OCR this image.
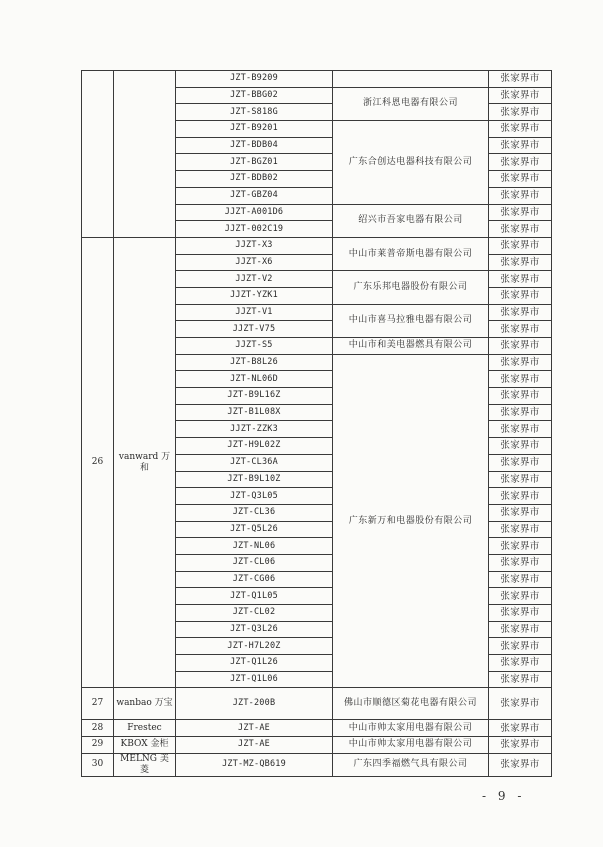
		JZT-B9209		张家界市
		JZT-BBG02	浙江科恩电器有限公司	张家界市
		JZT-S818G		张家界市
		JZT-B9201	广东合创达电器科技有限公司	张家界市
		JZT-BDB04		张家界市
		JZT-BGZ01		张家界市
		JZT-BDB02		张家界市
		JZT-GBZ04		张家界市
		JJZT-A001D6	绍兴市吾家电器有限公司	张家界市
		JJZT-002C19		张家界市
26	vanward 万和	JJZT-X3	中山市莱普帝斯电器有限公司	张家界市
		JJZT-X6		张家界市
		JJZT-V2	广东乐邦电器股份有限公司	张家界市
		JJZT-YZK1		张家界市
		JJZT-V1	中山市喜马拉雅电器有限公司	张家界市
		JJZT-V75		张家界市
		JJZT-S5	中山市和美电器燃具有限公司	张家界市
		JZT-B8L26	广东新万和电器股份有限公司	张家界市
		JZT-NL06D		张家界市
		JZT-B9L16Z		张家界市
		JZT-B1L08X		张家界市
		JJZT-ZZK3		张家界市
		JZT-H9L02Z		张家界市
		JZT-CL36A		张家界市
		JZT-B9L10Z		张家界市
		JZT-Q3L05		张家界市
		JZT-CL36		张家界市
		JZT-Q5L26		张家界市
		JZT-NL06		张家界市
		JZT-CL06		张家界市
		JZT-CG06		张家界市
		JZT-Q1L05		张家界市
		JZT-CL02		张家界市
		JZT-Q3L26		张家界市
		JZT-H7L20Z		张家界市
		JZT-Q1L26		张家界市
		JZT-Q1L06		张家界市
27	wanbao 万宝	JZT-200B	佛山市顺德区菊花电器有限公司	张家界市
28	Frestec	JZT-AE	中山市帅太家用电器有限公司	张家界市
29	KBOX 金柜	JZT-AE	中山市帅太家用电器有限公司	张家界市
30	MELNG 美菱	JZT-MZ-QB619	广东四季福燃气具有限公司	张家界市
- 9 -
